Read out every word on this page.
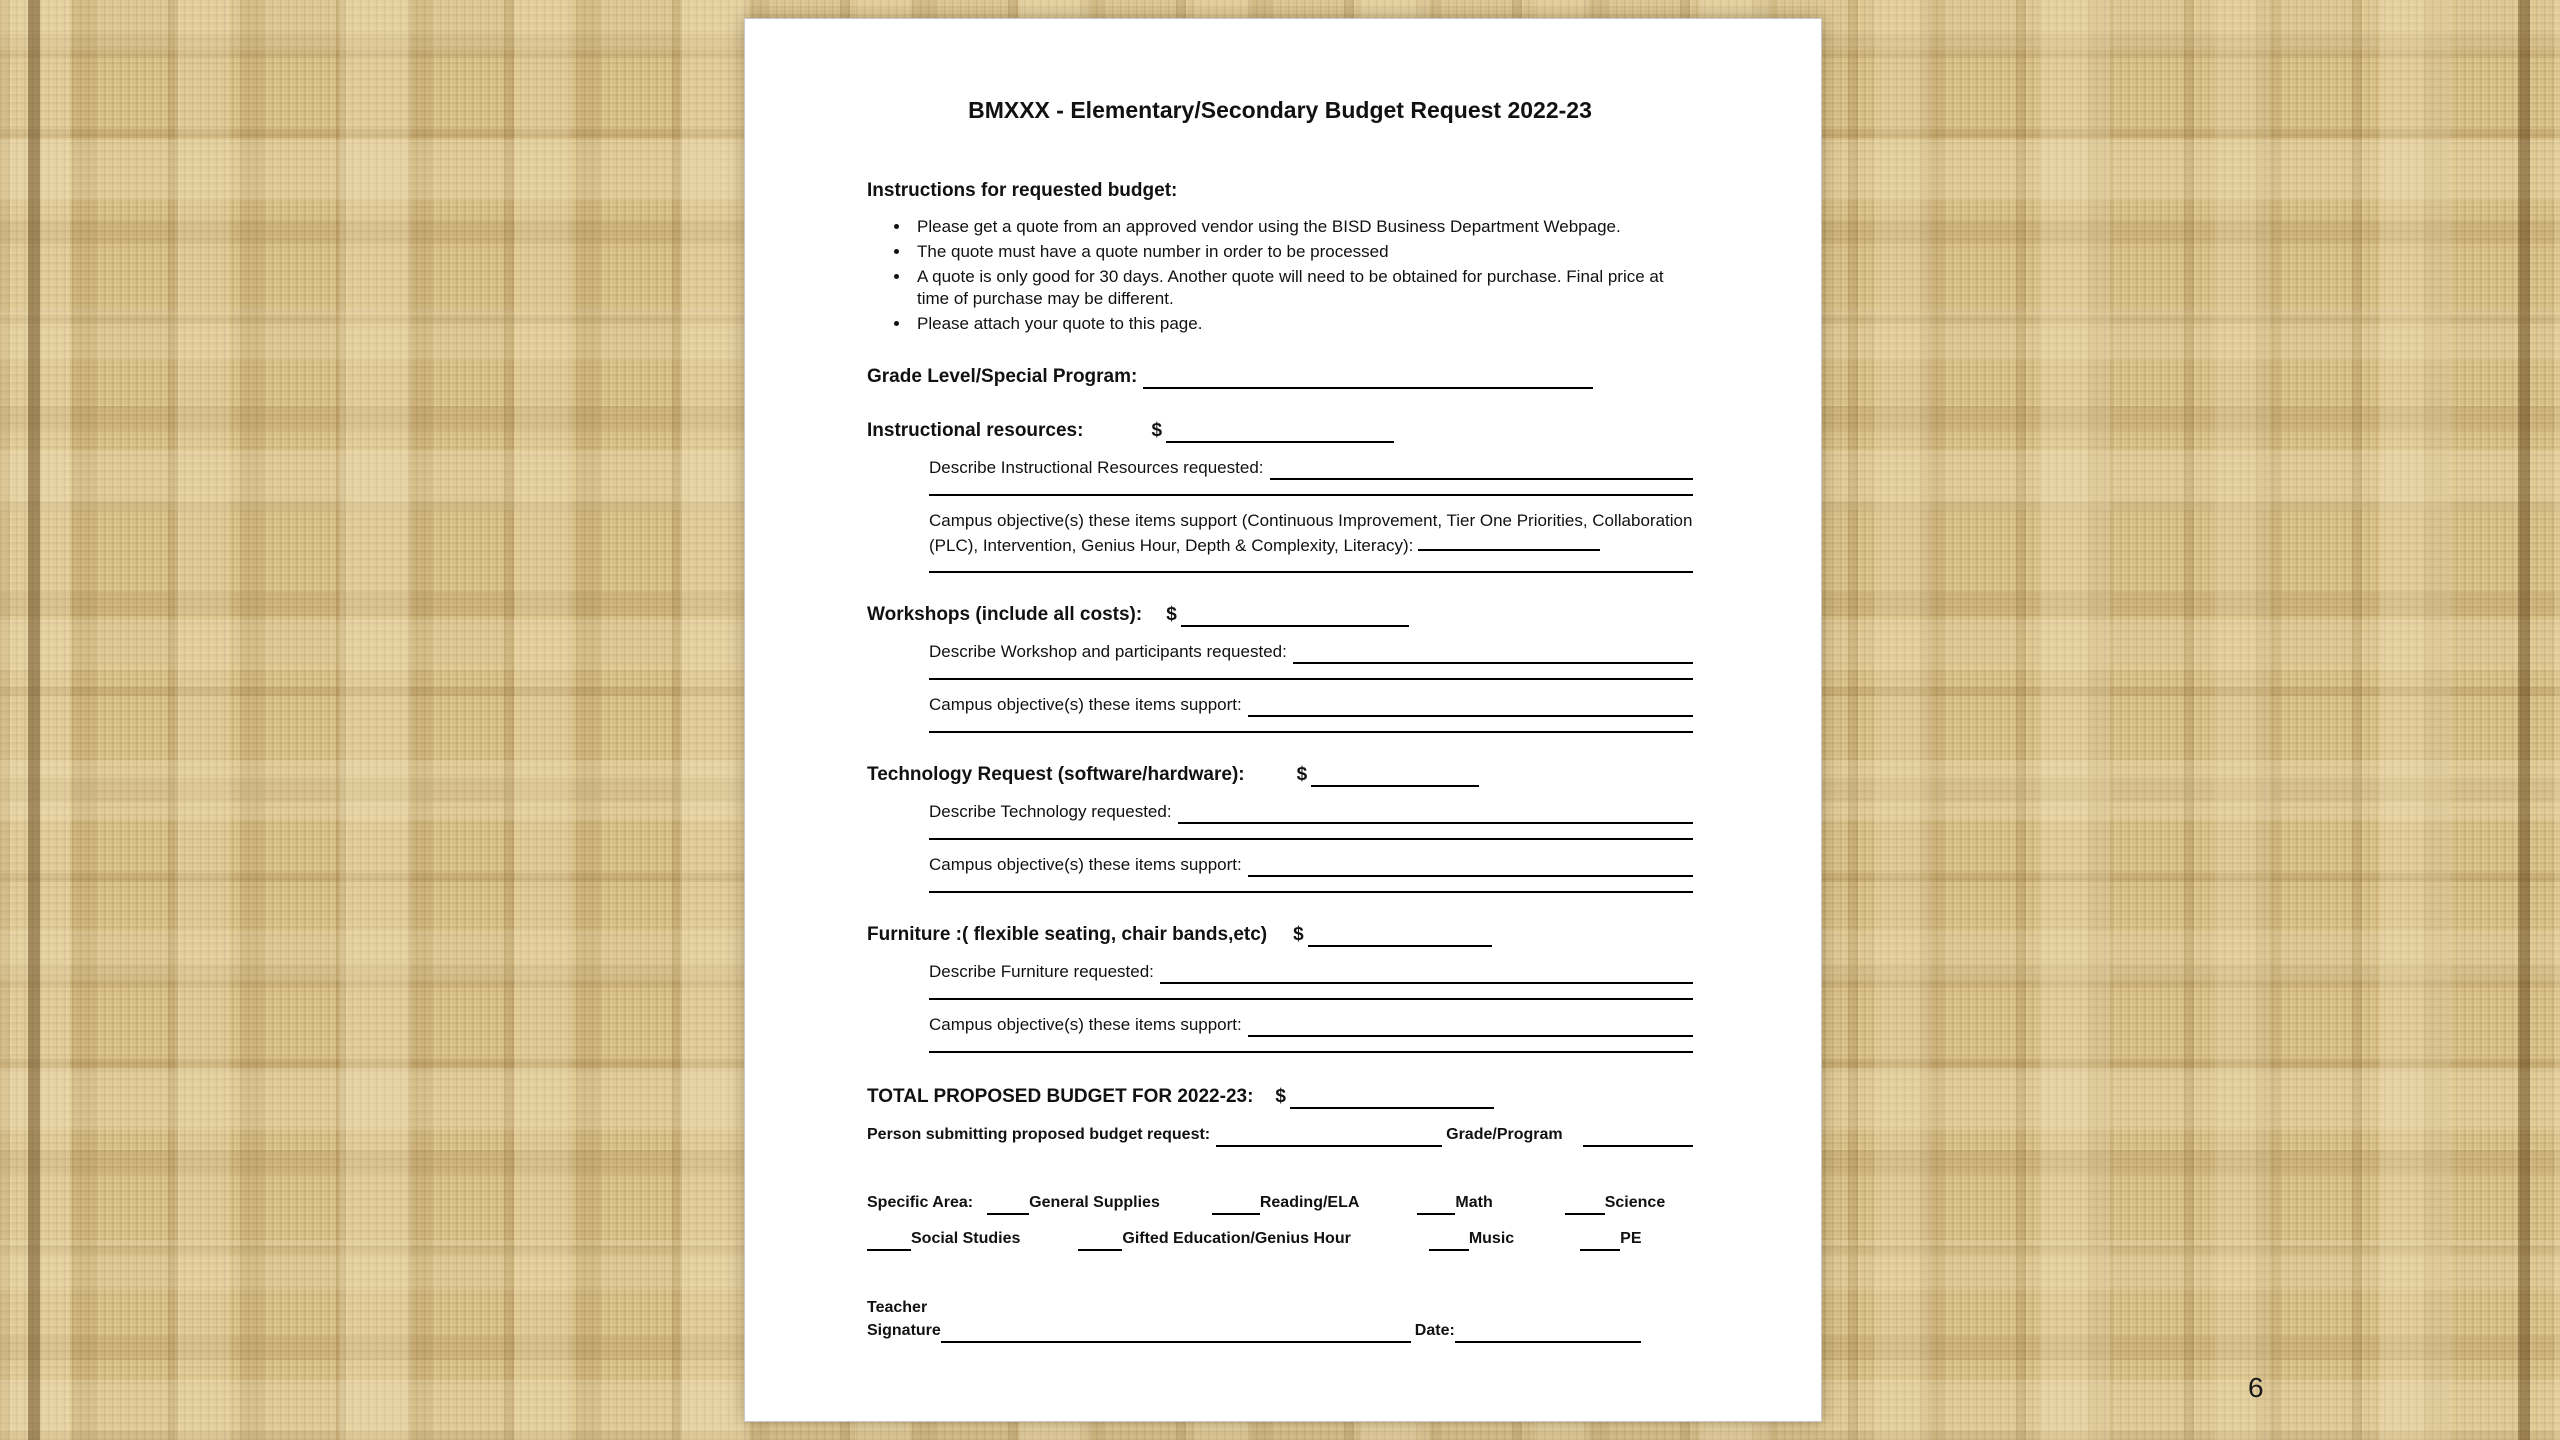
BMXXX - Elementary/Secondary Budget Request 2022-23
Instructions for requested budget:
• Please get a quote from an approved vendor using the BISD Business Department Webpage.
• The quote must have a quote number in order to be processed
• A quote is only good for 30 days. Another quote will need to be obtained for purchase. Final price at time of purchase may be different.
• Please attach your quote to this page.
Grade Level/Special Program:
Instructional resources:	$
Describe Instructional Resources requested:

Campus objective(s) these items support (Continuous Improvement, Tier One Priorities, Collaboration (PLC), Intervention, Genius Hour, Depth & Complexity, Literacy):

Workshops (include all costs):	$
Describe Workshop and participants requested:
Campus objective(s) these items support:
Technology Request (software/hardware):	$
Describe Technology requested:
Campus objective(s) these items support:
Furniture :( flexible seating, chair bands,etc)	$
Describe Furniture requested:
Campus objective(s) these items support:
TOTAL PROPOSED BUDGET FOR 2022-23:	$
Person submitting proposed budget request:	Grade/Program
Specific Area:	General Supplies	Reading/ELA	Math	Science
Social Studies	Gifted Education/Genius Hour	Music	PE
Teacher
Signature	Date:
6
